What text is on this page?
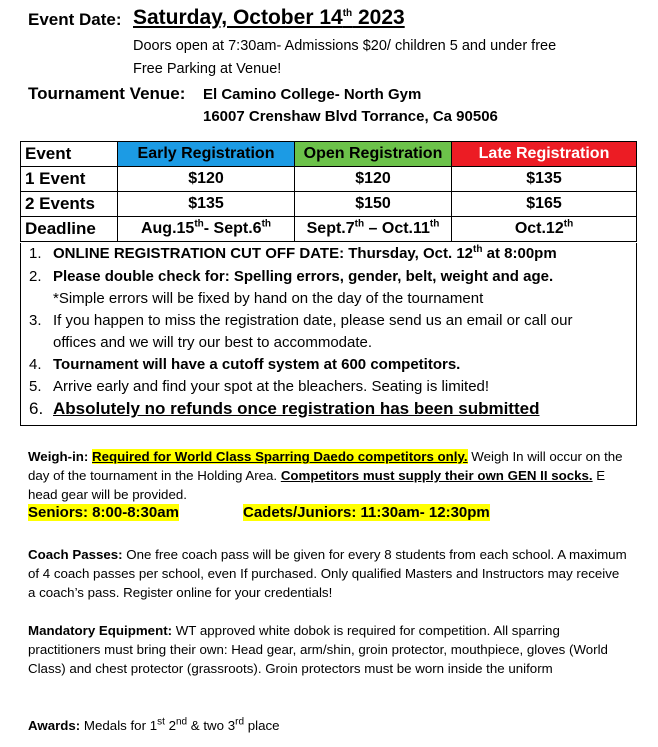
Event Date: Saturday, October 14th 2023
Doors open at 7:30am- Admissions $20/ children 5 and under free
Free Parking at Venue!
Tournament Venue: El Camino College- North Gym
16007 Crenshaw Blvd Torrance, Ca 90506
Event	Early Registration	Open Registration	Late Registration
1 Event	$120	$120	$135
2 Events	$135	$150	$165
Deadline	Aug.15th- Sept.6th	Sept.7th – Oct.11th	Oct.12th
1. ONLINE REGISTRATION CUT OFF DATE: Thursday, Oct. 12th at 8:00pm
2. Please double check for: Spelling errors, gender, belt, weight and age.
*Simple errors will be fixed by hand on the day of the tournament
3. If you happen to miss the registration date, please send us an email or call our
offices and we will try our best to accommodate.
4. Tournament will have a cutoff system at 600 competitors.
5. Arrive early and find your spot at the bleachers. Seating is limited!
6. Absolutely no refunds once registration has been submitted
Weigh-in: Required for World Class Sparring Daedo competitors only. Weigh In will occur on the day of the tournament in the Holding Area. Competitors must supply their own GEN II socks. E head gear will be provided.
Seniors: 8:00-8:30am	Cadets/Juniors: 11:30am- 12:30pm
Coach Passes: One free coach pass will be given for every 8 students from each school. A maximum of 4 coach passes per school, even If purchased. Only qualified Masters and Instructors may receive a coach’s pass. Register online for your credentials!
Mandatory Equipment: WT approved white dobok is required for competition. All sparring practitioners must bring their own: Head gear, arm/shin, groin protector, mouthpiece, gloves (World Class) and chest protector (grassroots). Groin protectors must be worn inside the uniform
Awards: Medals for 1st 2nd & two 3rd place
